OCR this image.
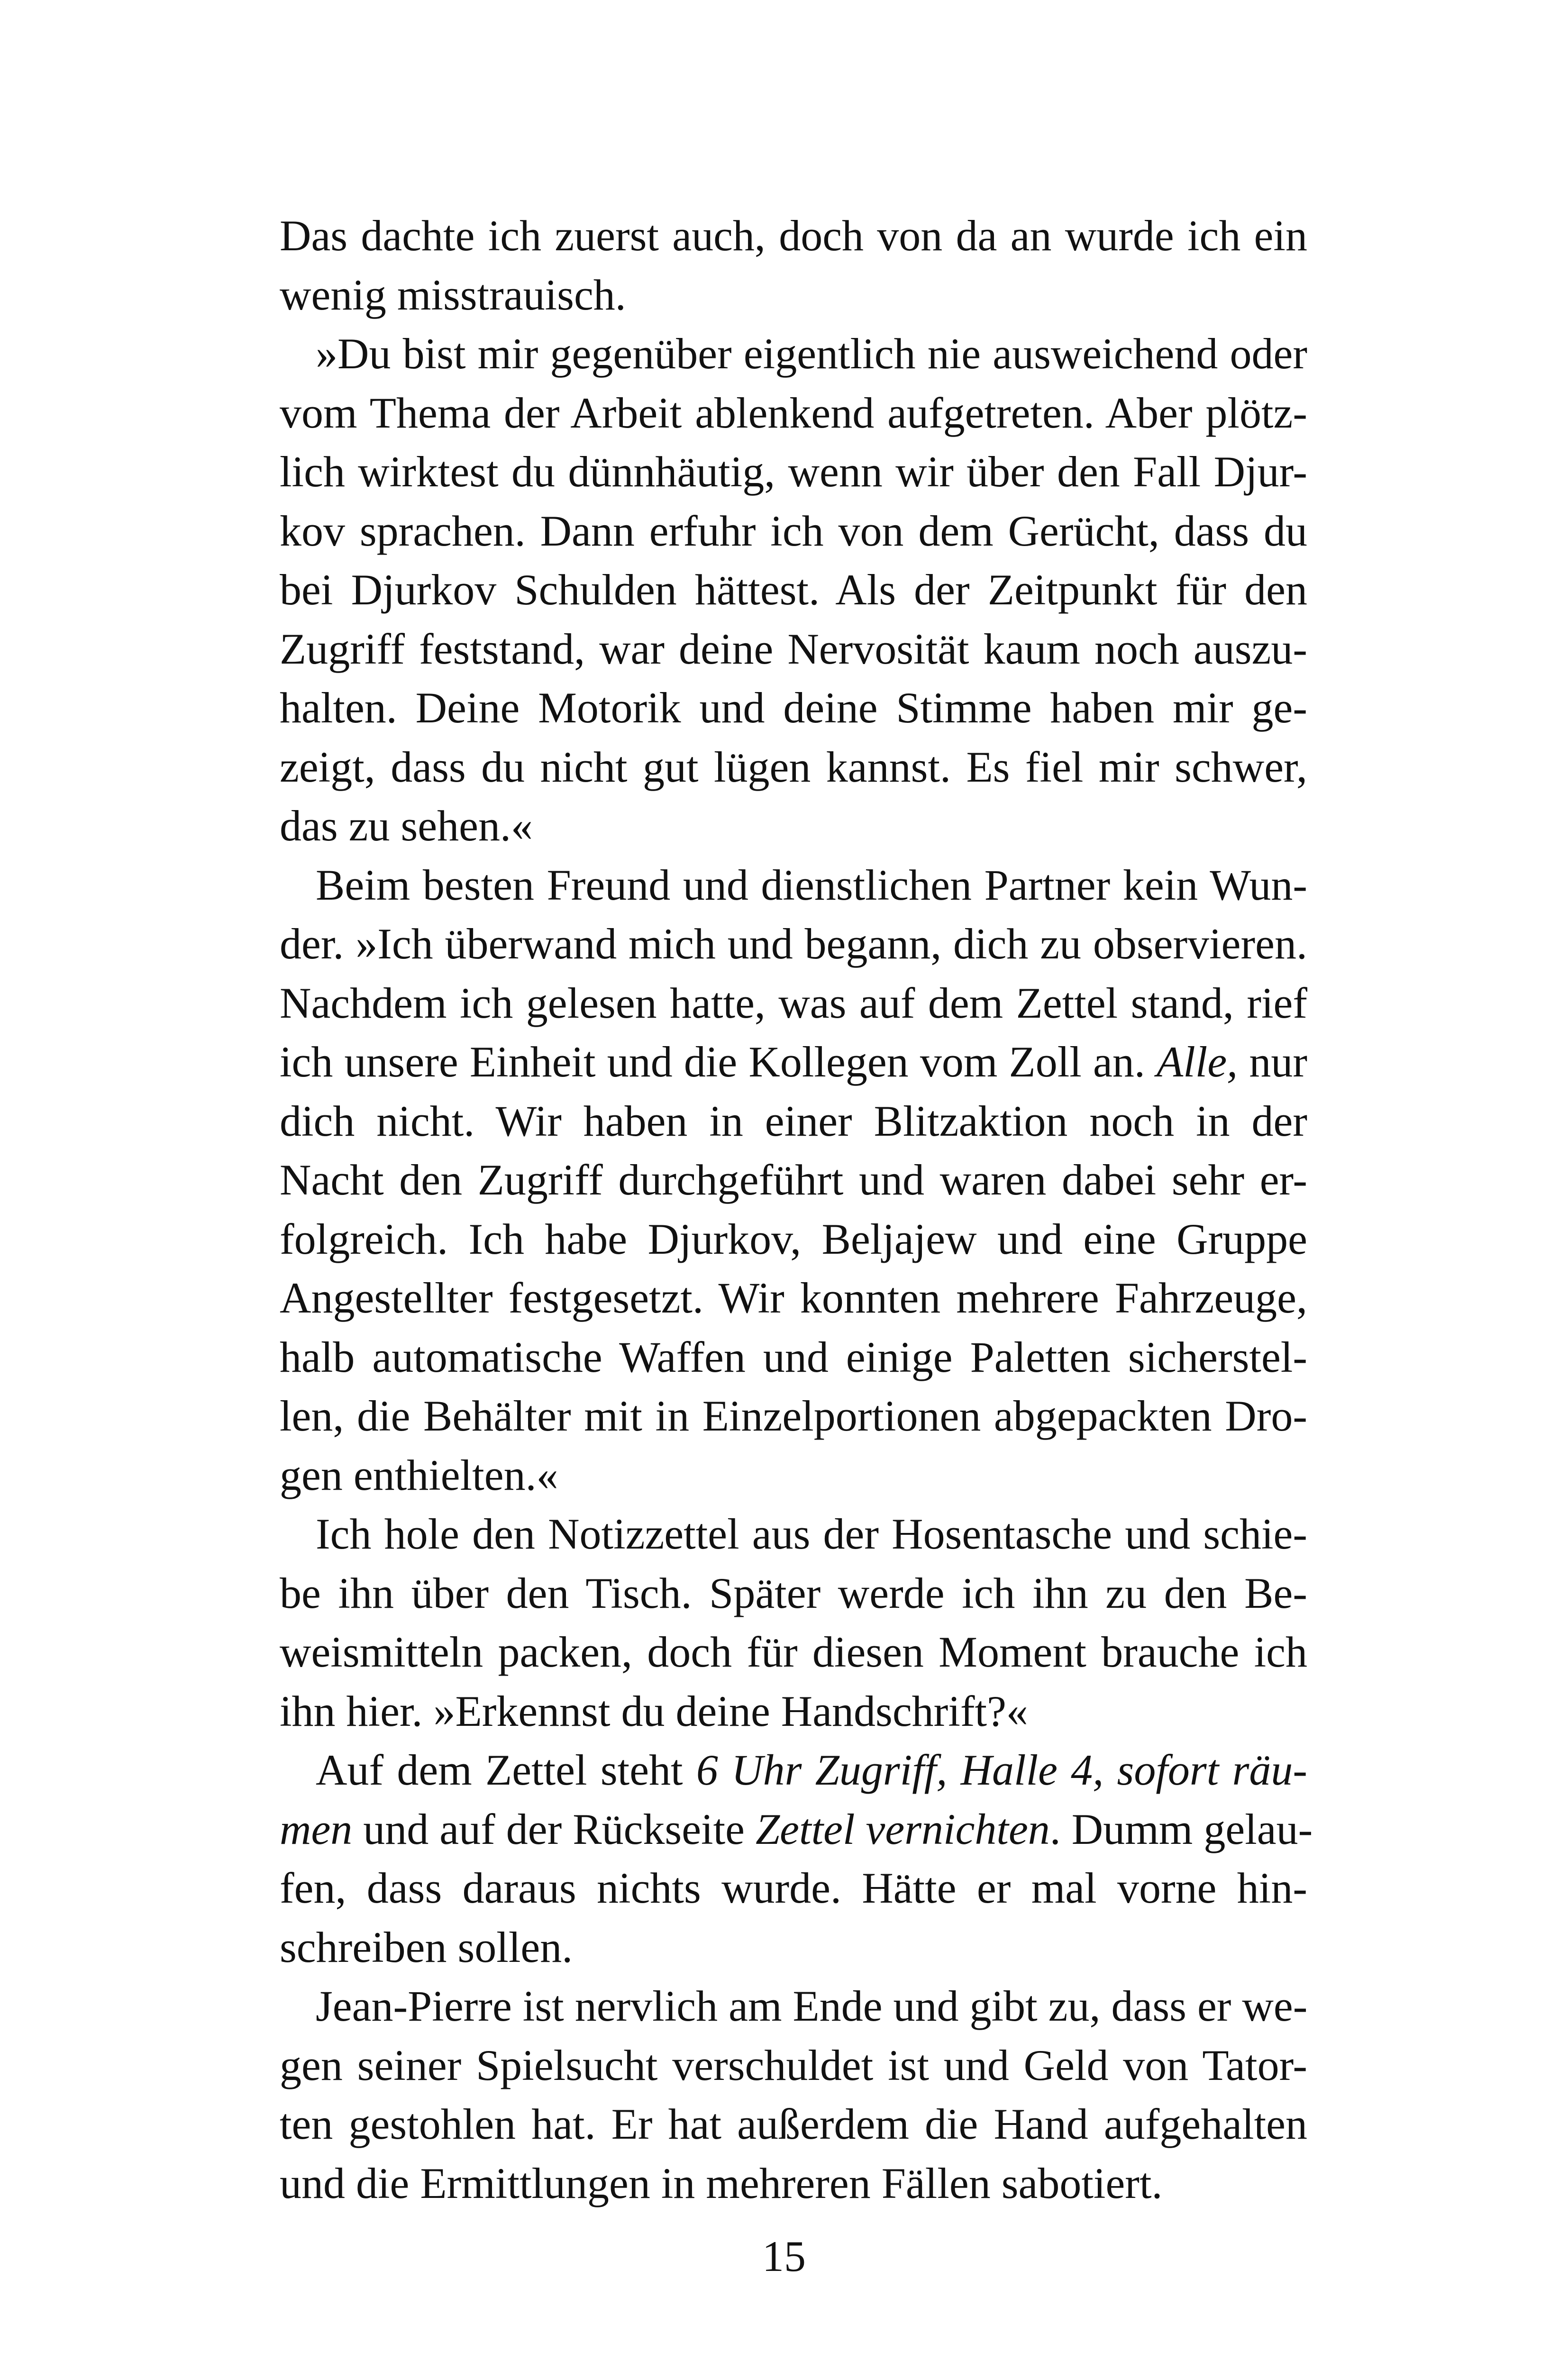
Das dachte ich zuerst auch, doch von da an wurde ich ein
wenig misstrauisch.
»Du bist mir gegenüber eigentlich nie ausweichend oder
vom Thema der Arbeit ablenkend aufgetreten. Aber plötz-
lich wirktest du dünnhäutig, wenn wir über den Fall Djur-
kov sprachen. Dann erfuhr ich von dem Gerücht, dass du
bei Djurkov Schulden hättest. Als der Zeitpunkt für den
Zugriff feststand, war deine Nervosität kaum noch auszu-
halten. Deine Motorik und deine Stimme haben mir ge-
zeigt, dass du nicht gut lügen kannst. Es fiel mir schwer,
das zu sehen.«
Beim besten Freund und dienstlichen Partner kein Wun-
der. »Ich überwand mich und begann, dich zu observieren.
Nachdem ich gelesen hatte, was auf dem Zettel stand, rief
ich unsere Einheit und die Kollegen vom Zoll an. Alle, nur
dich nicht. Wir haben in einer Blitzaktion noch in der
Nacht den Zugriff durchgeführt und waren dabei sehr er-
folgreich. Ich habe Djurkov, Beljajew und eine Gruppe
Angestellter festgesetzt. Wir konnten mehrere Fahrzeuge,
halb automatische Waffen und einige Paletten sicherstel-
len, die Behälter mit in Einzelportionen abgepackten Dro-
gen enthielten.«
Ich hole den Notizzettel aus der Hosentasche und schie-
be ihn über den Tisch. Später werde ich ihn zu den Be-
weismitteln packen, doch für diesen Moment brauche ich
ihn hier. »Erkennst du deine Handschrift?«
Auf dem Zettel steht 6 Uhr Zugriff, Halle 4, sofort räu-
men und auf der Rückseite Zettel vernichten. Dumm gelau-
fen, dass daraus nichts wurde. Hätte er mal vorne hin-
schreiben sollen.
Jean-Pierre ist nervlich am Ende und gibt zu, dass er we-
gen seiner Spielsucht verschuldet ist und Geld von Tator-
ten gestohlen hat. Er hat außerdem die Hand aufgehalten
und die Ermittlungen in mehreren Fällen sabotiert.
15
